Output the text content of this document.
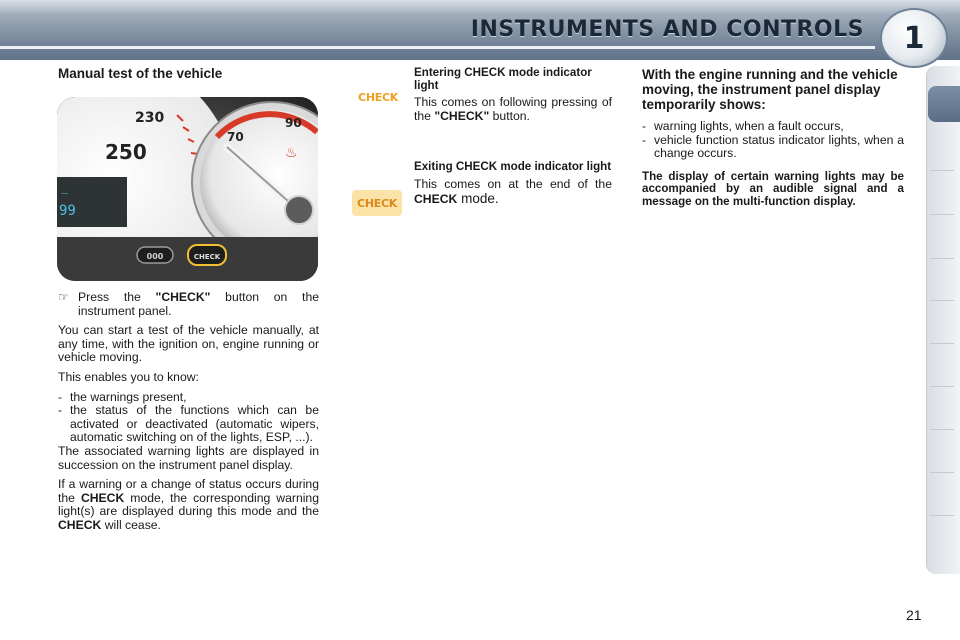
INSTRUMENTS AND CONTROLS	1
Manual test of the vehicle
_
99
230
250
70
90
♨
000	CHECK
☞ Press the "CHECK" button on the instrument panel.

You can start a test of the vehicle manually, at any time, with the ignition on, engine running or vehicle moving.

This enables you to know:

- the warnings present,
- the status of the functions which can be activated or deactivated (automatic wipers, automatic switching on of the lights, ESP, ...).

The associated warning lights are displayed in succession on the instrument panel display.

If a warning or a change of status occurs during the CHECK mode, the corresponding warning light(s) are displayed during this mode and the CHECK will cease.

CHECK
CHECK
Entering CHECK mode indicator light

This comes on following pressing of the "CHECK" button.

Exiting CHECK mode indicator light

This comes on at the end of the CHECK mode.

With the engine running and the vehicle moving, the instrument panel display temporarily shows:
- warning lights, when a fault occurs,
- vehicle function status indicator lights, when a change occurs.

The display of certain warning lights may be accompanied by an audible signal and a message on the multi-function display.

21
